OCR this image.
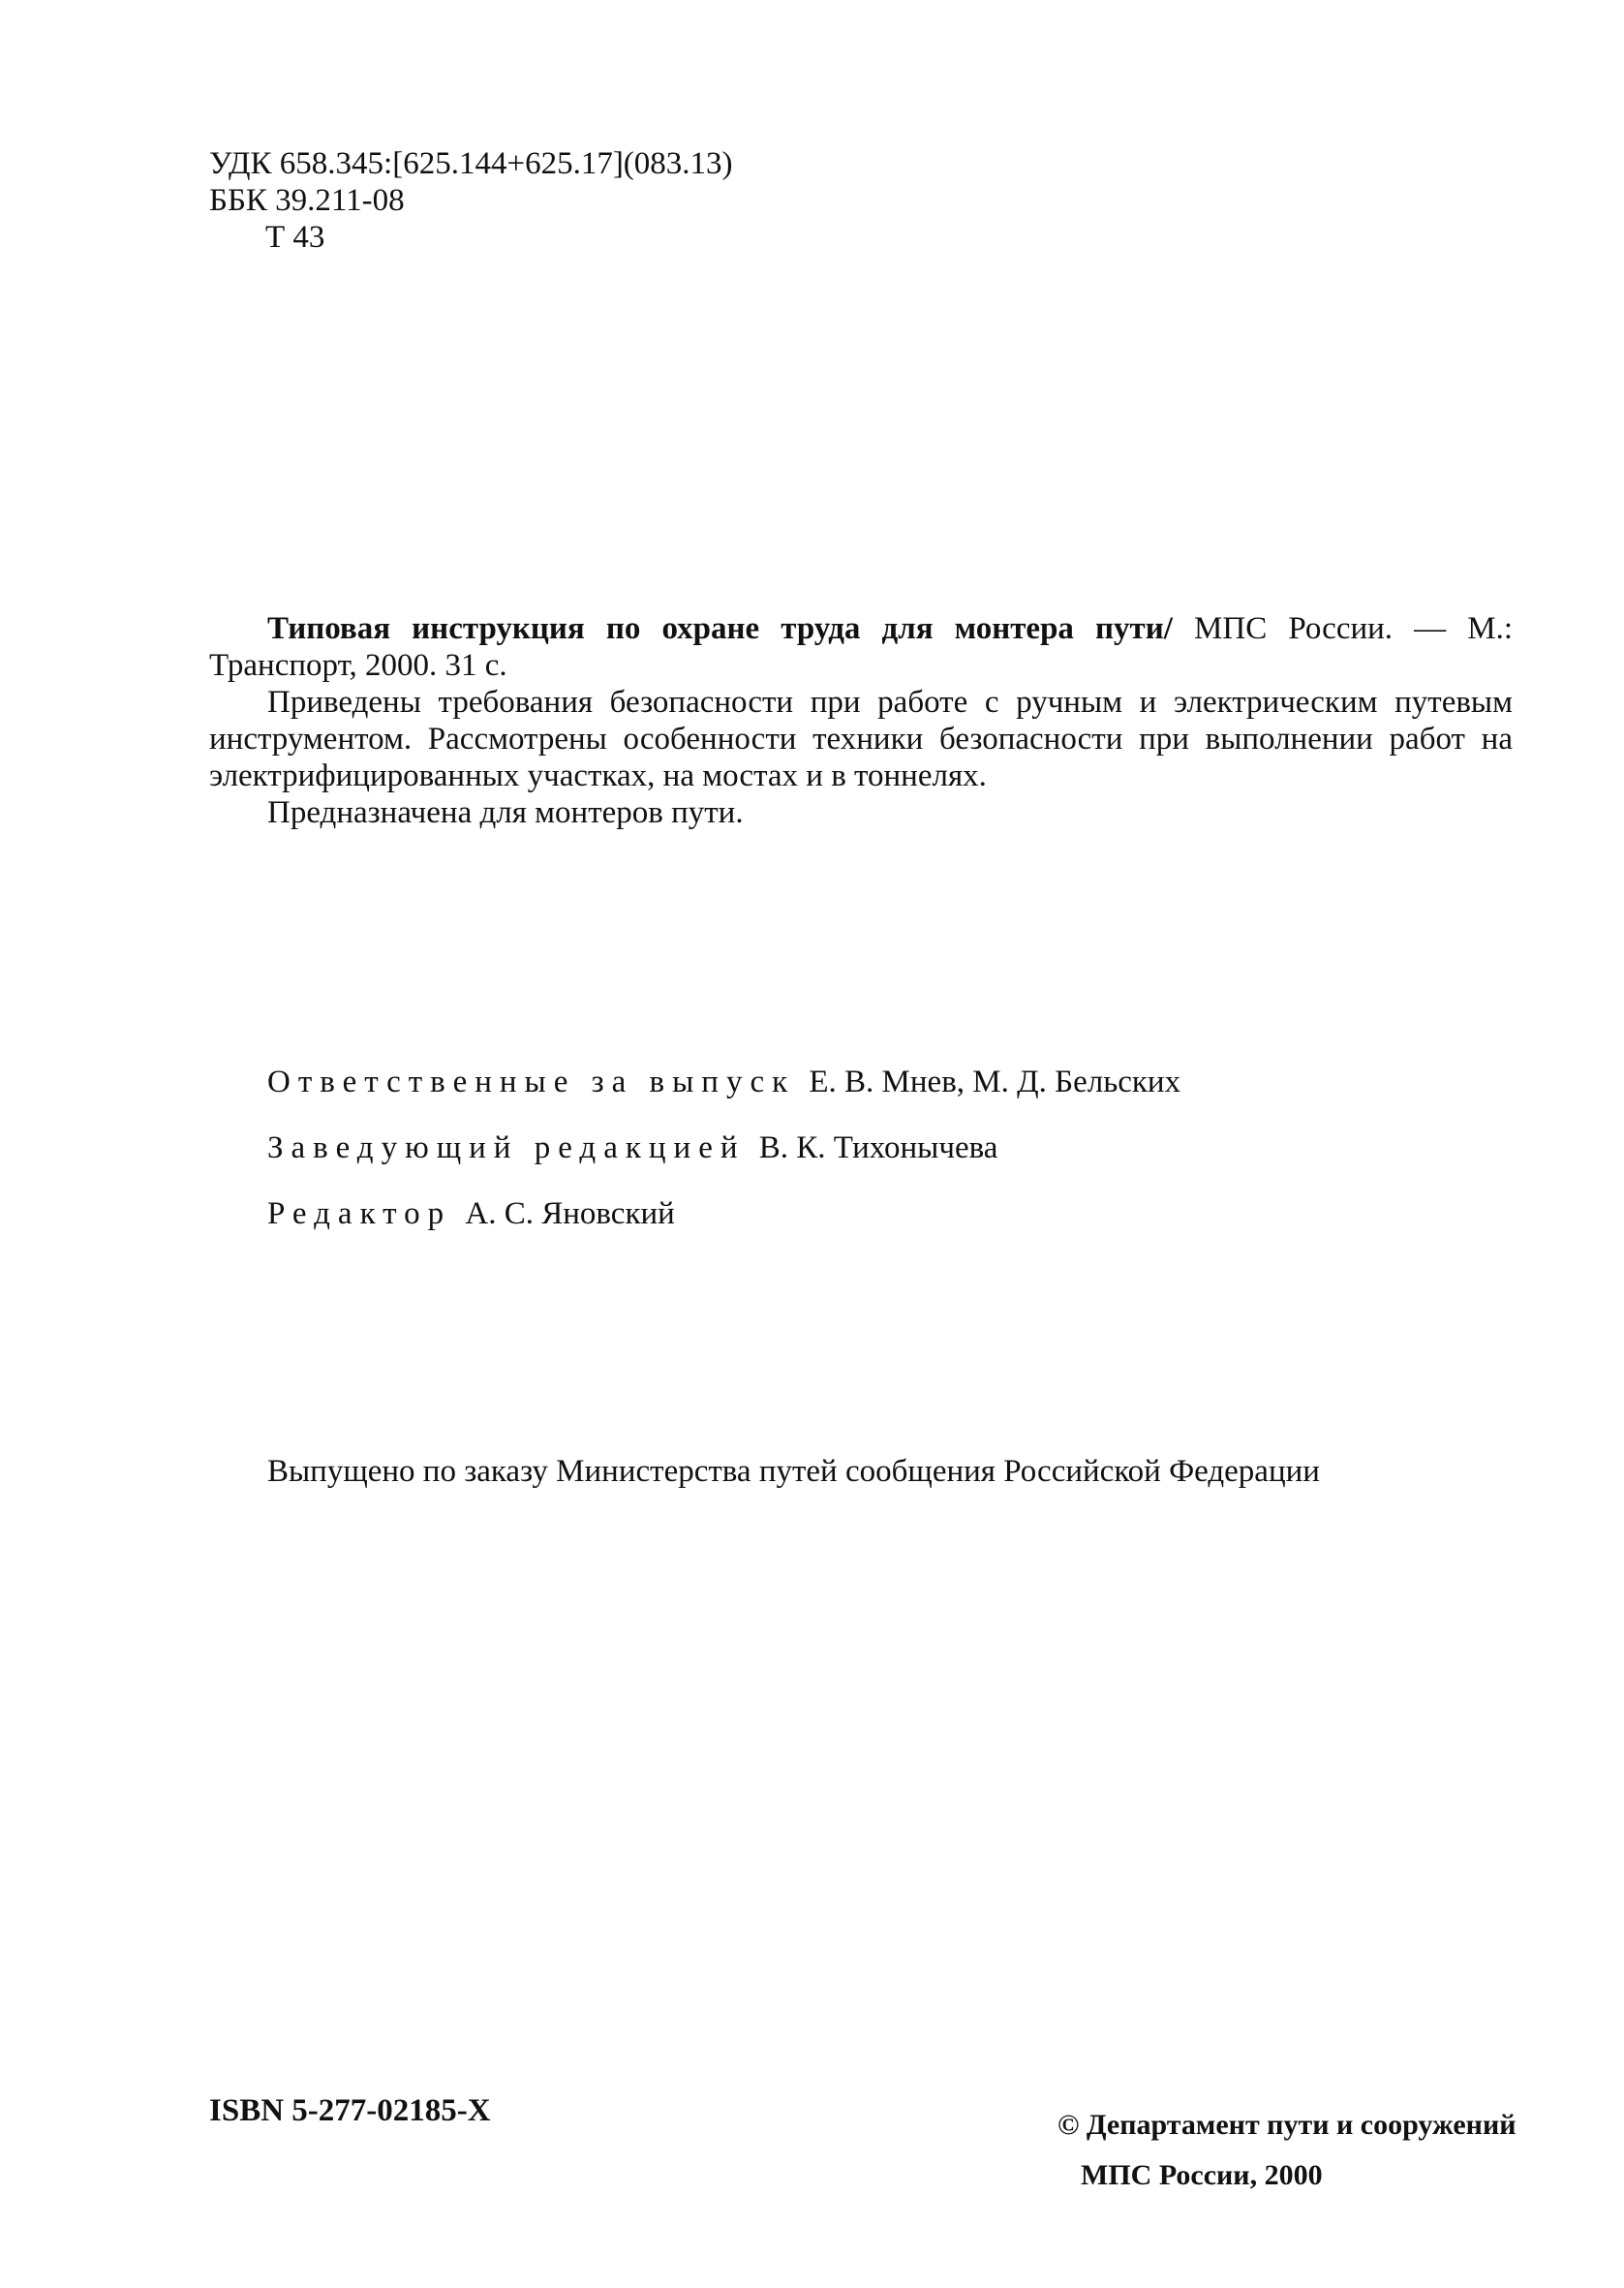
УДК 658.345:[625.144+625.17](083.13)
ББК 39.211-08
Т 43

Типовая инструкция по охране труда для монтера пути/ МПС России. — М.: Транспорт, 2000. 31 с.

Приведены требования безопасности при работе с ручным и электрическим путевым инструментом. Рассмотрены особенности техники безопасности при выполнении работ на электрифицированных участках, на мостах и в тоннелях.

Предназначена для монтеров пути.

Ответственные за выпуск Е. В. Мнев, М. Д. Бельских
Заведующий редакцией В. К. Тихонычева
Редактор А. С. Яновский
Выпущено по заказу Министерства путей сообщения Российской Федерации
ISBN 5-277-02185-X	© Департамент пути и сооружений
МПС России, 2000
